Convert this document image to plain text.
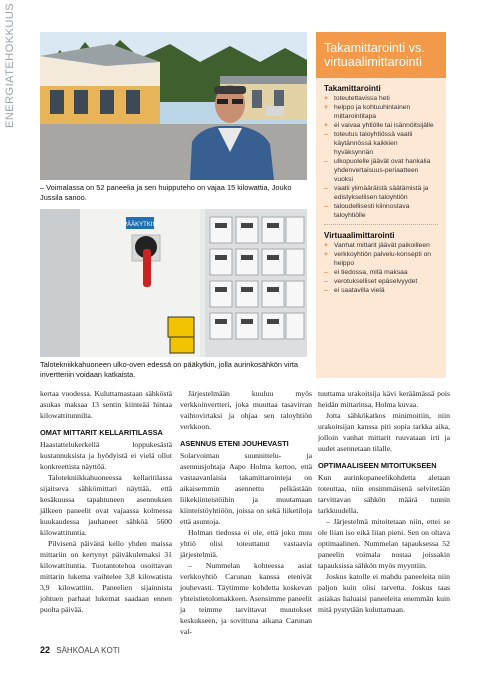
ENERGIATEHOKKUUS
– Voimalassa on 52 paneelia ja sen huipputeho on vajaa 15 kilowattia, Jouko Jussila sanoo.
PÄÄKYTKIN
Talotekniikkahuoneen ulko-oven edessä on pääkytkin, jolla aurinkosähkön virta invertteriin voidaan katkaista.
Takamittarointi vs. virtuaalimittarointi
Takamittarointi
+ toteutettavissa heti
+ helppo ja kohtuuhintainen mittarointitapa
+ ei vaivaa yhtiölle tai isännöitsijälle
– toteutus taloyhtiössä vaatii käytännössä kaikkien hyväksynnän
– ulkopuolelle jäävät ovat hankalia yhdenvertaisuus-periaatteen vuoksi
– vaatii ylimääräistä säätämistä ja edistyksellisen taloyhtiön
– taloudellisesti kiinnostava taloyhtiölle
Virtuaalimittarointi
+ Vanhat mittarit jäävät paikoilleen
+ verkkoyhtiön palvelu-konsepti on helppo
– ei tiedossa, mitä maksaa
– verotukselliset epäselvyydet
– ei saatavilla vielä

kertaa vuodessa. Kuluttamastaan sähköstä asukas maksaa 13 sentin kiinteää hintaa kilowattitunnilta.

OMAT MITTARIT KELLARITILASSA

Haastattelukerkellä loppukesästä kustannuksista ja hyödyistä ei vielä ollut konkreettista näyttöä.

Talotekniikkahuoneessa kellaritilassa sijaitseva sähkömittari näyttää, että kesäkuussa tapahtuneen asennuksen jälkeen paneelit ovat vajaassa kolmessa kuukaudessa jauhaneet sähköä 5600 kilowattituntia.

Pilvisenä päivänä kello yhden maissa mittariin on kertynyt päiväkulemaksi 31 kilowattituntia. Tuotantotehoa osoittavan mittarin lukema vaihtelee 3,8 kilowatista 3,9 kilowattiin. Paneelien sijainnista johtuen parhaat lukemat saadaan ennen puolta päivää.

Järjestelmään kuuluu myös verkkoinvertteri, joka muuttaa tasavirran vaihtovirtaksi ja ohjaa sen taloyhtiön verkkoon.

ASENNUS ETENI JOUHEVASTI

Solarvoiman suunnittelu- ja asennusjohtaja Aapo Holma kertoo, että vastaavanlaisia takamittarointeja on aikaisemmin asennettu pelkästään liikekiinteistöihin ja muutamaan kiinteistöyhtiöön, joissa on sekä liiketiloja että asuntoja.

Holman tiedossa ei ole, että joku muu yhtiö olisi toteuttanut vastaavia järjestelmiä.

– Nummelan kohteessa asiat verkkoyhtiö Carunan kanssa etenivät jouhevasti. Täytimme kohdetta koskevan yhteistietolomakkeen. Asensimme paneelit ja teimme tarvittavat muutokset keskukseen, ja sovittuna aikana Carunan val-

tuuttama urakoitsija kävi keräämässä pois heidän mittarinsa, Holma kuvaa.

Jotta sähkökatkos minimoitiin, niin urakoitsijan kanssa piti sopia tarkka aika, jolloin vanhat mittarit ruuvataan irti ja uudet asennetaan tilalle.

OPTIMAALISEEN MITOITUKSEEN

Kun aurinkopaneelikohdetta aletaan toteuttaa, niin ensimmäisenä selvitetään tarvittavan sähkön määrä tunnin tarkkuudella.

– Järjestelmä mitoitetaan niin, ettei se ole liian iso eikä liian pieni. Sen on oltava optimaalinen. Nummelan tapauksessa 52 paneelin voimala nostaa joissakin tapauksissa sähkön myös myyntiin.

Joskus katolle ei mahdu paneeleita niin paljon kuin olisi tarvetta. Joskus taas asiakas haluaisi paneeleita enemmän kuin mitä pystytään kuluttamaan.

22 SÄHKÖALA KOTI
